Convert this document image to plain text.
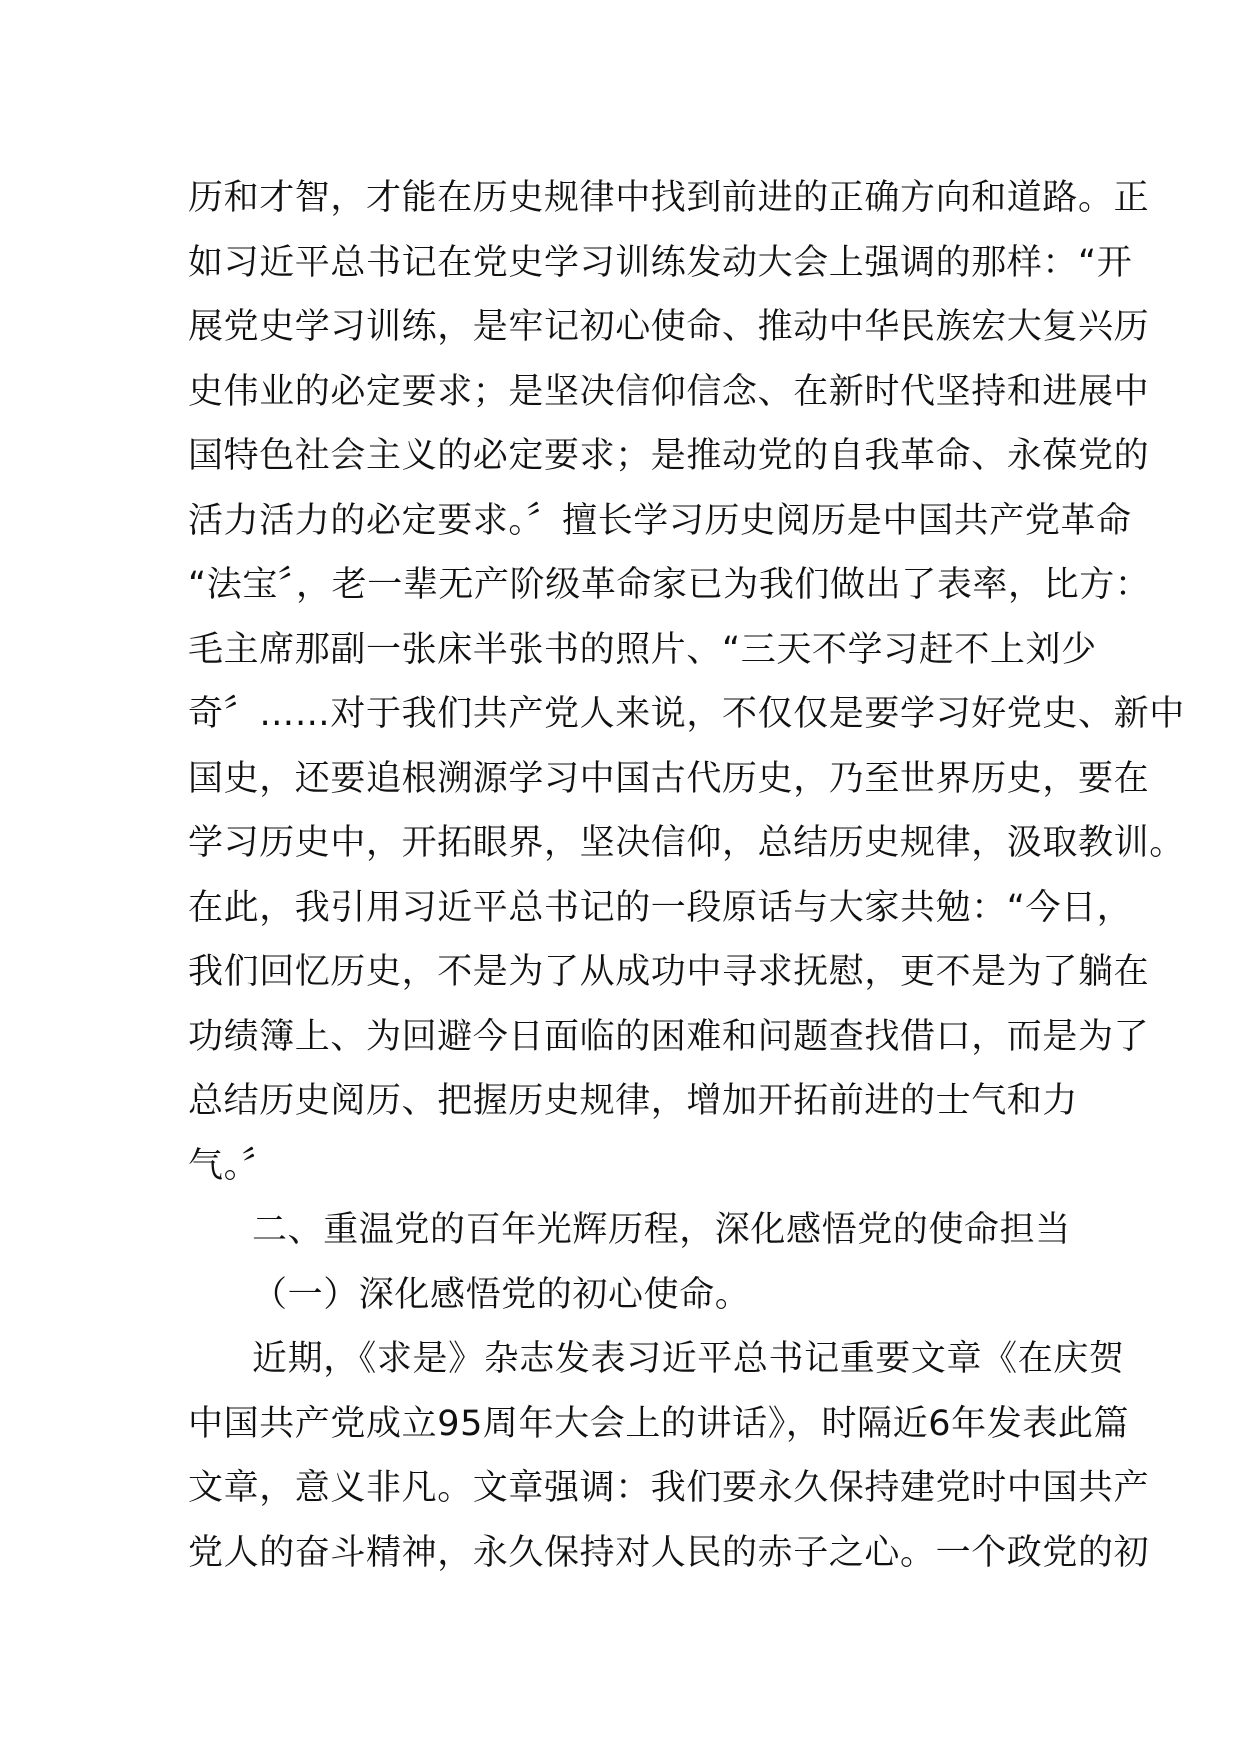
历和才智，才能在历史规律中找到前进的正确方向和道路。正
如习近平总书记在党史学习训练发动大会上强调的那样：“开
展党史学习训练，是牢记初心使命、推动中华民族宏大复兴历
史伟业的必定要求；是坚决信仰信念、在新时代坚持和进展中
国特色社会主义的必定要求；是推动党的自我革命、永葆党的
活力活力的必定要求。〞擅长学习历史阅历是中国共产党革命
“法宝〞，老一辈无产阶级革命家已为我们做出了表率，比方：
毛主席那副一张床半张书的照片、“三天不学习赶不上刘少
奇〞……对于我们共产党人来说，不仅仅是要学习好党史、新中
国史，还要追根溯源学习中国古代历史，乃至世界历史，要在
学习历史中，开拓眼界，坚决信仰，总结历史规律，汲取教训。
在此，我引用习近平总书记的一段原话与大家共勉：“今日，
我们回忆历史，不是为了从成功中寻求抚慰，更不是为了躺在
功绩簿上、为回避今日面临的困难和问题查找借口，而是为了
总结历史阅历、把握历史规律，增加开拓前进的士气和力
气。〞
二、重温党的百年光辉历程，深化感悟党的使命担当
（一）深化感悟党的初心使命。
近期，《求是》杂志发表习近平总书记重要文章《在庆贺
中国共产党成立95周年大会上的讲话》，时隔近6年发表此篇
文章，意义非凡。文章强调：我们要永久保持建党时中国共产
党人的奋斗精神，永久保持对人民的赤子之心。一个政党的初
